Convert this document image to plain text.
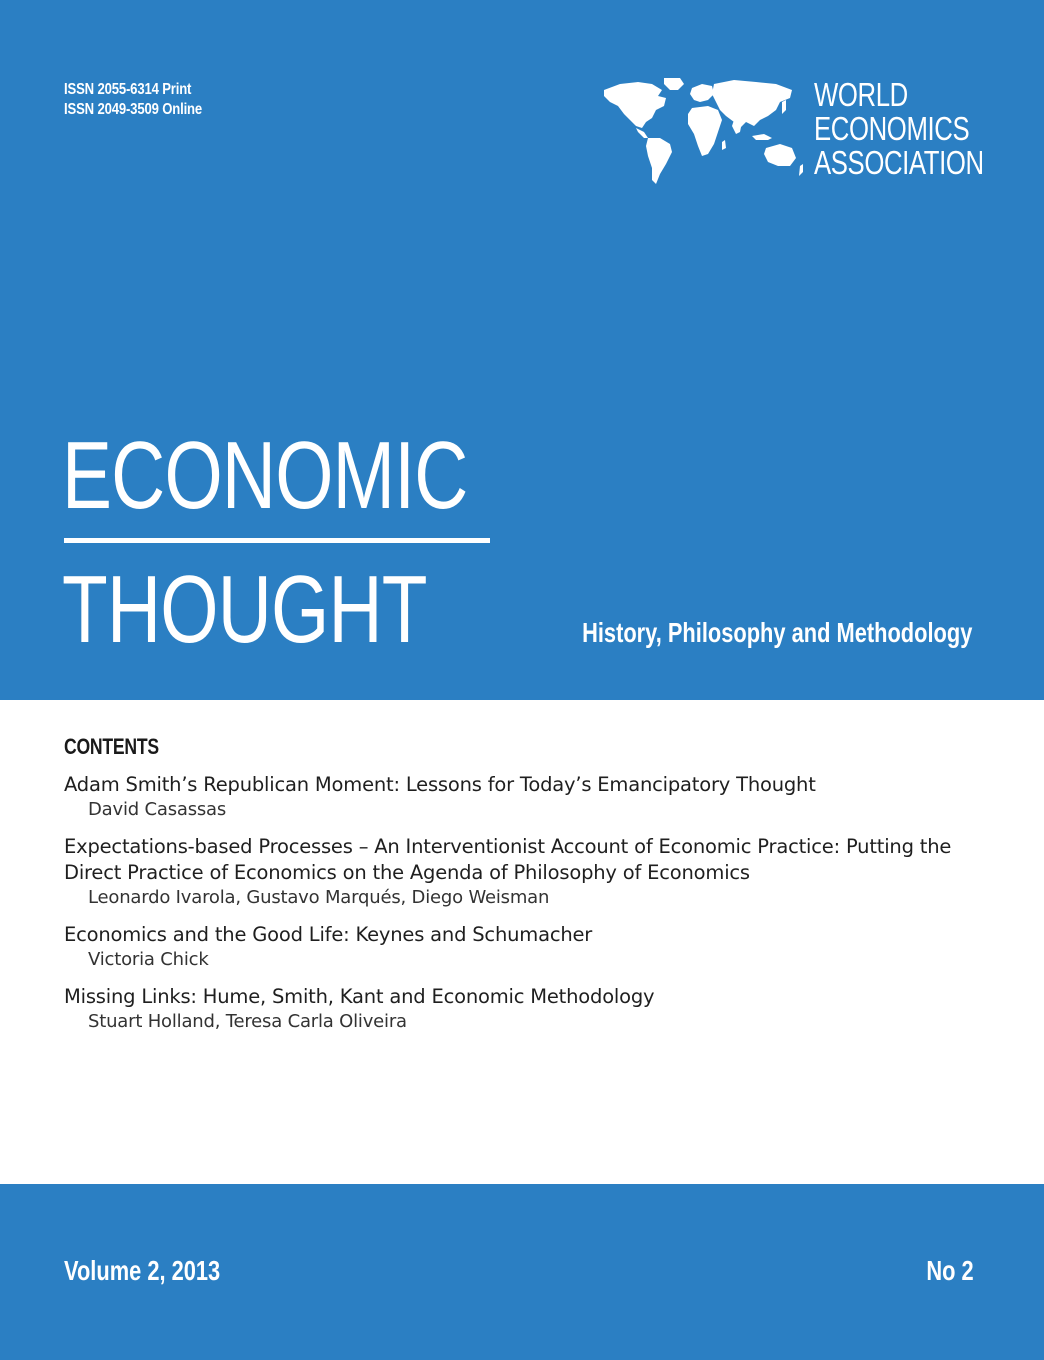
ISSN 2055-6314 Print
ISSN 2049-3509 Online	WORLD
ECONOMICS
ASSOCIATION
ECONOMIC
THOUGHT	History, Philosophy and Methodology
CONTENTS
Adam Smith’s Republican Moment: Lessons for Today’s Emancipatory Thought
David Casassas
Expectations-based Processes – An Interventionist Account of Economic Practice: Putting the Direct Practice of Economics on the Agenda of Philosophy of Economics
Leonardo Ivarola, Gustavo Marqués, Diego Weisman
Economics and the Good Life: Keynes and Schumacher
Victoria Chick
Missing Links: Hume, Smith, Kant and Economic Methodology
Stuart Holland, Teresa Carla Oliveira
Volume 2, 2013	No 2
